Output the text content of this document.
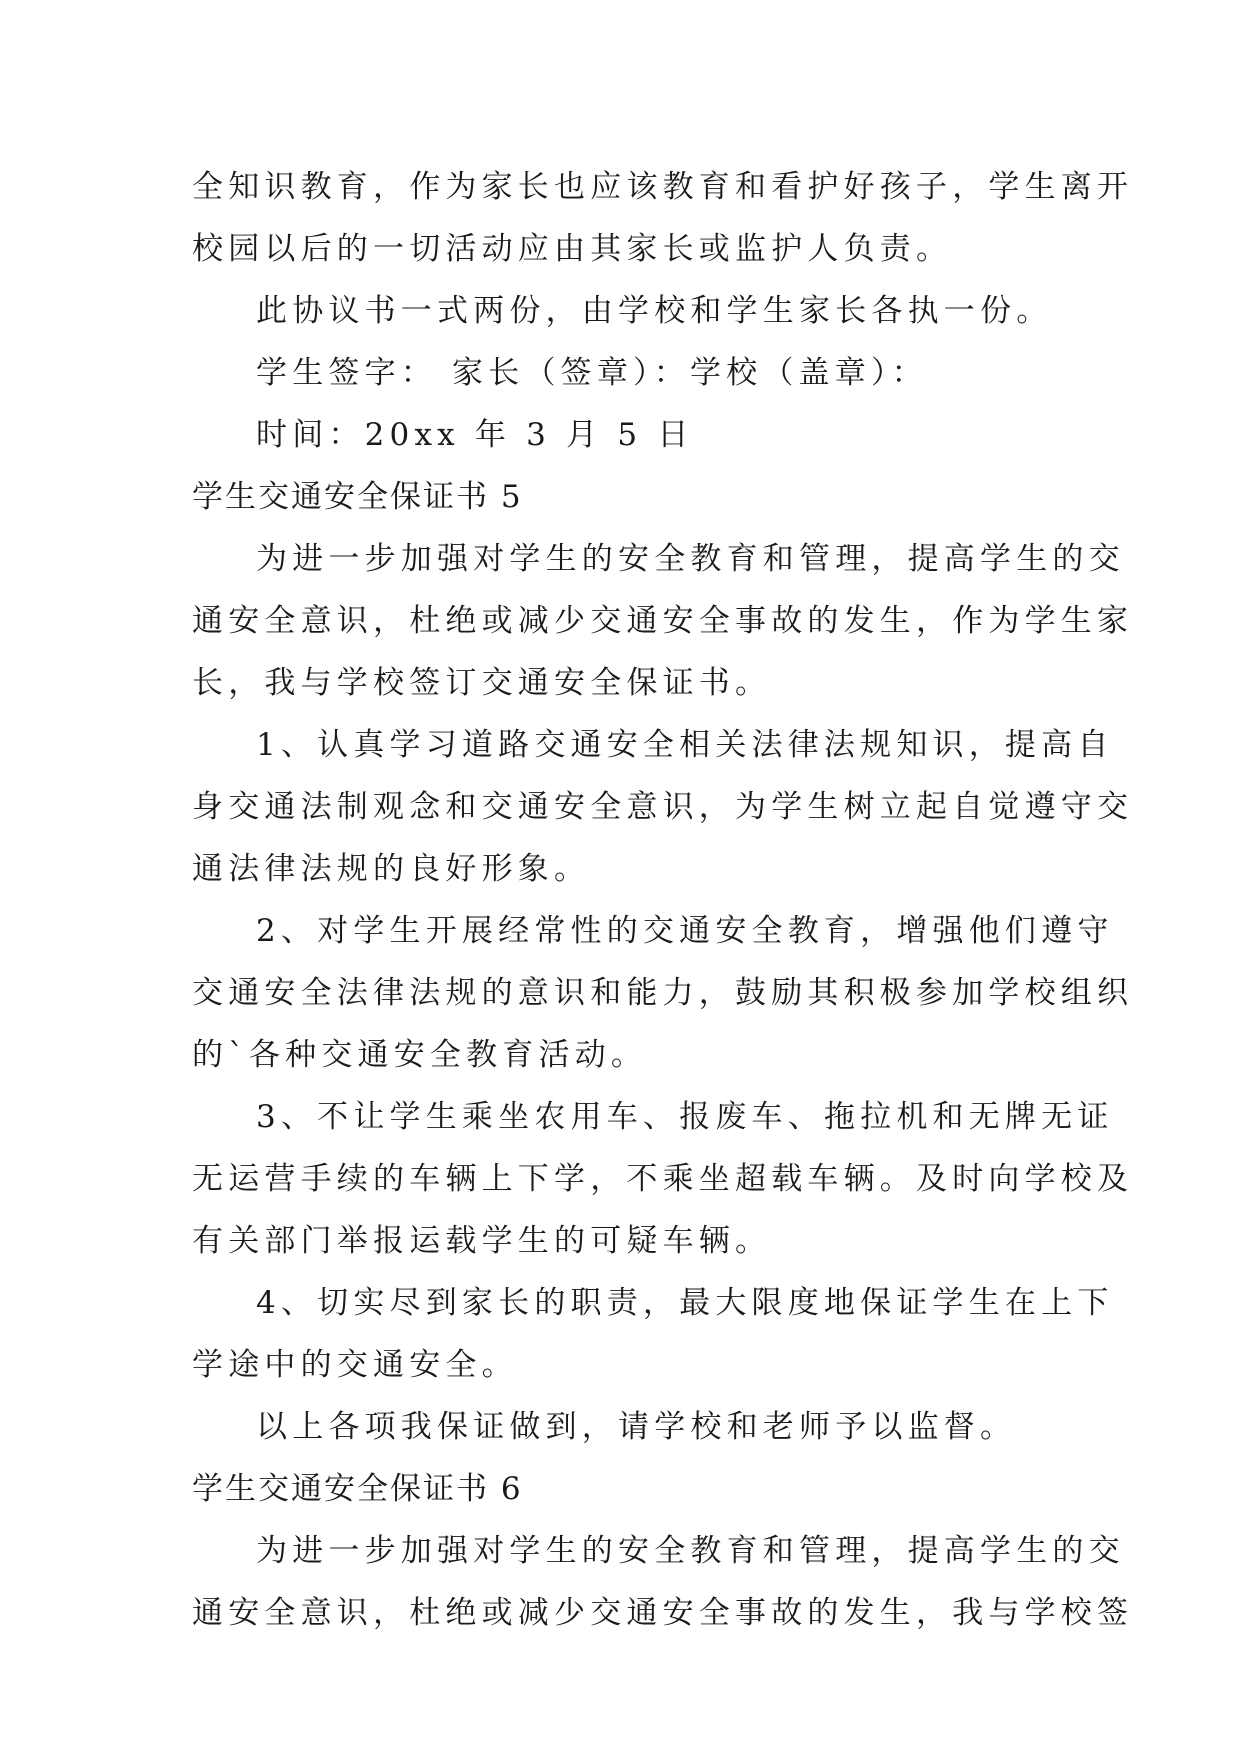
全知识教育，作为家长也应该教育和看护好孩子，学生离开
校园以后的一切活动应由其家长或监护人负责。
此协议书一式两份，由学校和学生家长各执一份。
学生签字： 家长（签章）：学校（盖章）：
时间：20xx 年 3 月 5 日
学生交通安全保证书 5
为进一步加强对学生的安全教育和管理，提高学生的交
通安全意识，杜绝或减少交通安全事故的发生，作为学生家
长，我与学校签订交通安全保证书。
1、认真学习道路交通安全相关法律法规知识，提高自
身交通法制观念和交通安全意识，为学生树立起自觉遵守交
通法律法规的良好形象。
2、对学生开展经常性的交通安全教育，增强他们遵守
交通安全法律法规的意识和能力，鼓励其积极参加学校组织
的`各种交通安全教育活动。
3、不让学生乘坐农用车、报废车、拖拉机和无牌无证
无运营手续的车辆上下学，不乘坐超载车辆。及时向学校及
有关部门举报运载学生的可疑车辆。
4、切实尽到家长的职责，最大限度地保证学生在上下
学途中的交通安全。
以上各项我保证做到，请学校和老师予以监督。
学生交通安全保证书 6
为进一步加强对学生的安全教育和管理，提高学生的交
通安全意识，杜绝或减少交通安全事故的发生，我与学校签
